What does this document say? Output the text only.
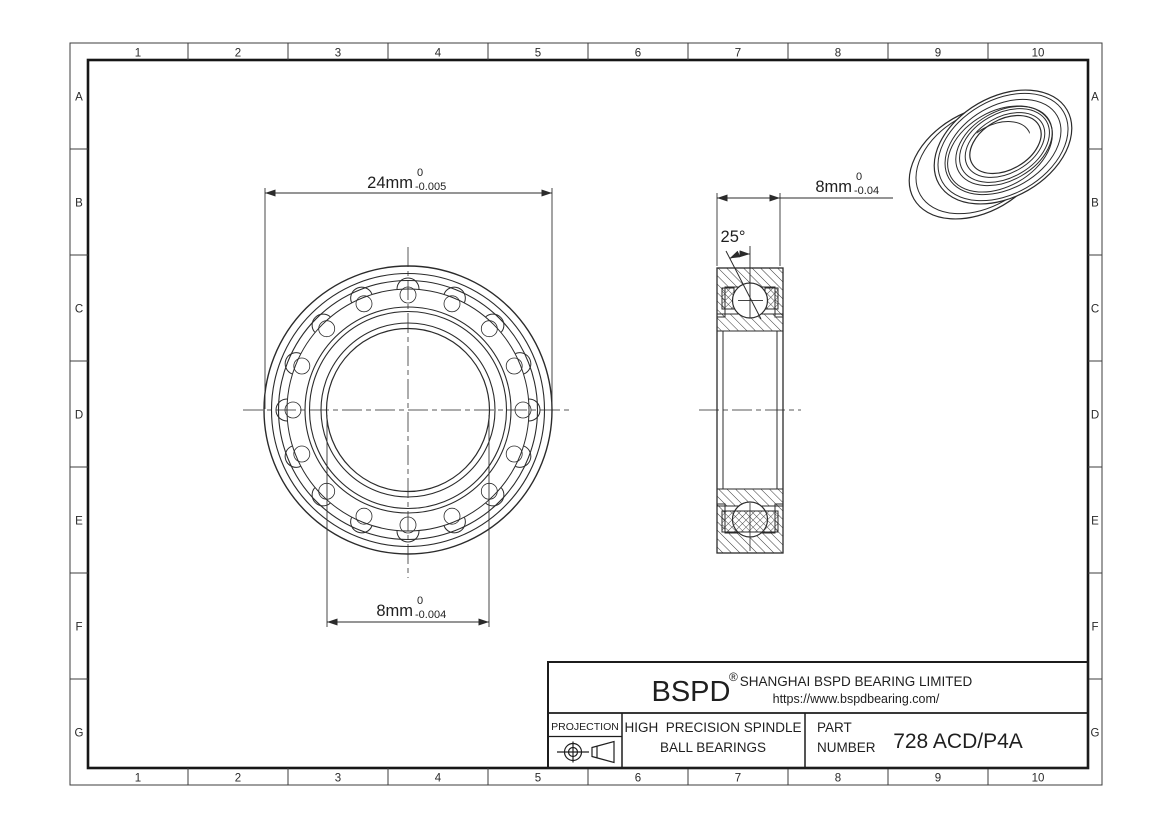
1
1
2
2
3
3
4
4
5
5
6
6
7
7
8
8
9
9
10
10
A	A
B	B
C	C
D	D
E	E
F	F
G	G
24mm
0
-0.005
8mm
0
-0.004
25°
8mm
0
-0.04
BSPD
® SHANGHAI BSPD BEARING LIMITED
https://www.bspdbearing.com/
PROJECTION HIGH  PRECISION SPINDLE
BALL BEARINGS
PART
NUMBER 728 ACD/P4A
